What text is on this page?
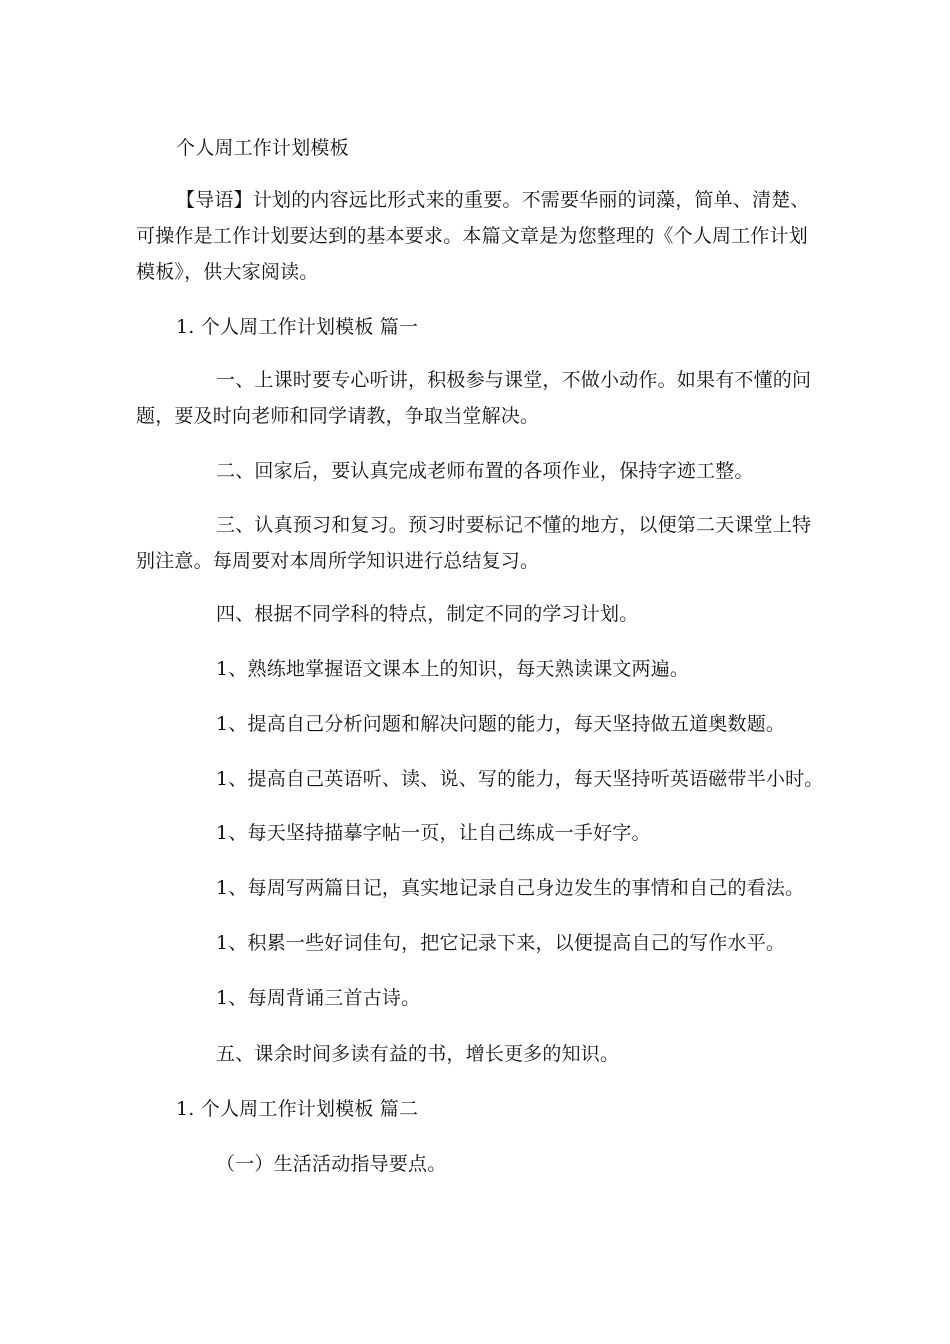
个人周工作计划模板
【导语】计划的内容远比形式来的重要。不需要华丽的词藻，简单、清楚、
可操作是工作计划要达到的基本要求。本篇文章是为您整理的《个人周工作计划
模板》，供大家阅读。
1. 个人周工作计划模板 篇一
一、上课时要专心听讲，积极参与课堂，不做小动作。如果有不懂的问
题，要及时向老师和同学请教，争取当堂解决。
二、回家后，要认真完成老师布置的各项作业，保持字迹工整。
三、认真预习和复习。预习时要标记不懂的地方，以便第二天课堂上特
别注意。每周要对本周所学知识进行总结复习。
四、根据不同学科的特点，制定不同的学习计划。
1、熟练地掌握语文课本上的知识，每天熟读课文两遍。
1、提高自己分析问题和解决问题的能力，每天坚持做五道奥数题。
1、提高自己英语听、读、说、写的能力，每天坚持听英语磁带半小时。
1、每天坚持描摹字帖一页，让自己练成一手好字。
1、每周写两篇日记，真实地记录自己身边发生的事情和自己的看法。
1、积累一些好词佳句，把它记录下来，以便提高自己的写作水平。
1、每周背诵三首古诗。
五、课余时间多读有益的书，增长更多的知识。
1. 个人周工作计划模板 篇二
（一）生活活动指导要点。
